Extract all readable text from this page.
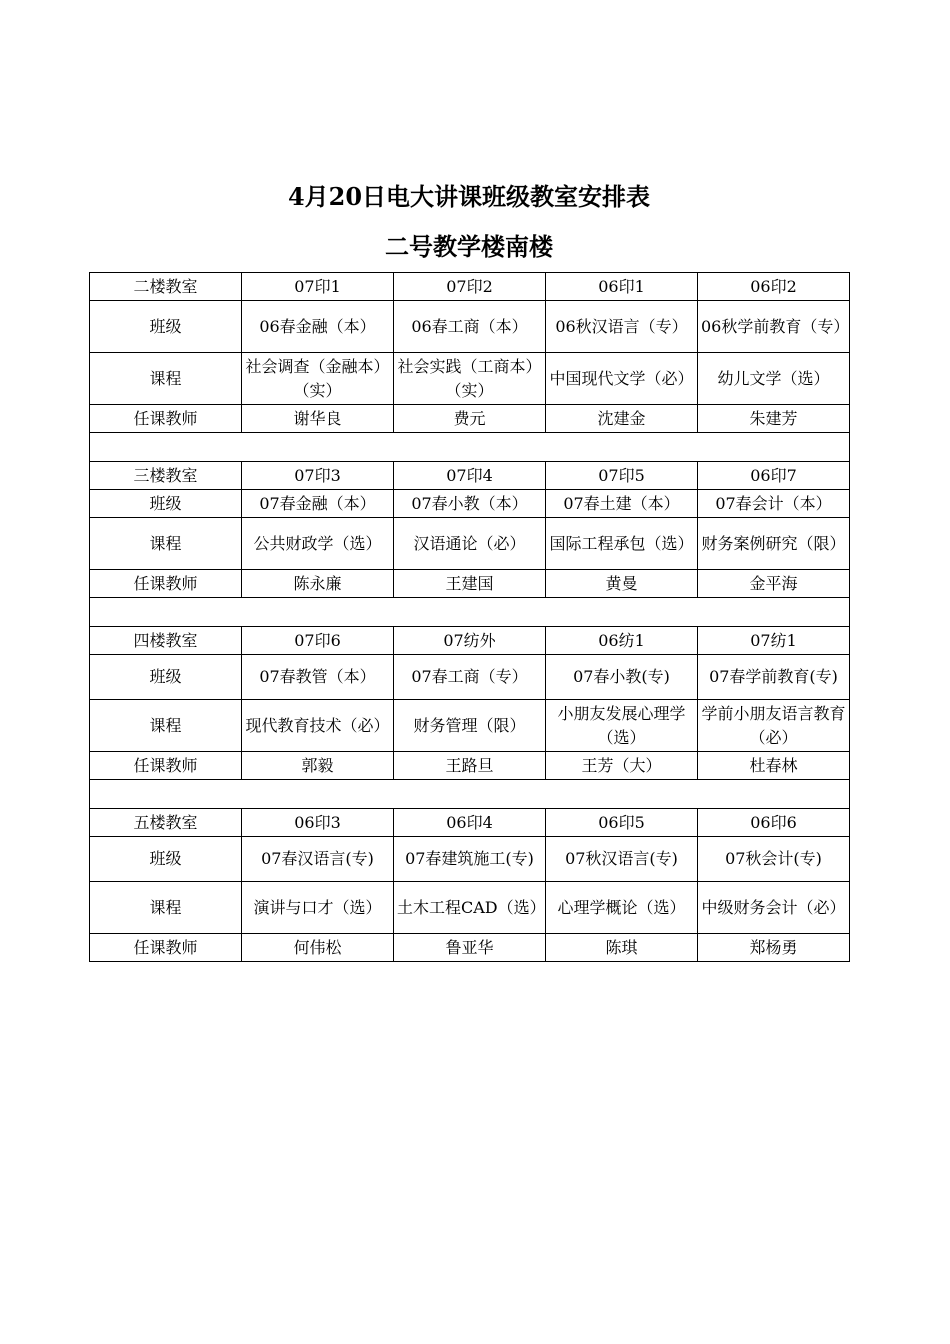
4月20日电大讲课班级教室安排表
二号教学楼南楼
二楼教室	07印1	07印2	06印1	06印2
班级	06春金融（本）	06春工商（本）	06秋汉语言（专）	06秋学前教育（专）
课程	社会调查（金融本）（实）	社会实践（工商本）（实）	中国现代文学（必）	幼儿文学（选）
任课教师	谢华良	费元	沈建金	朱建芳

三楼教室	07印3	07印4	07印5	06印7
班级	07春金融（本）	07春小教（本）	07春土建（本）	07春会计（本）
课程	公共财政学（选）	汉语通论（必）	国际工程承包（选）	财务案例研究（限）
任课教师	陈永廉	王建国	黄曼	金平海

四楼教室	07印6	07纺外	06纺1	07纺1
班级	07春教管（本）	07春工商（专）	07春小教(专)	07春学前教育(专)
课程	现代教育技术（必）	财务管理（限）	小朋友发展心理学（选）	学前小朋友语言教育（必）
任课教师	郭毅	王路旦	王芳（大）	杜春林

五楼教室	06印3	06印4	06印5	06印6
班级	07春汉语言(专)	07春建筑施工(专)	07秋汉语言(专)	07秋会计(专)
课程	演讲与口才（选）	土木工程CAD（选）	心理学概论（选）	中级财务会计（必）
任课教师	何伟松	鲁亚华	陈琪	郑杨勇
